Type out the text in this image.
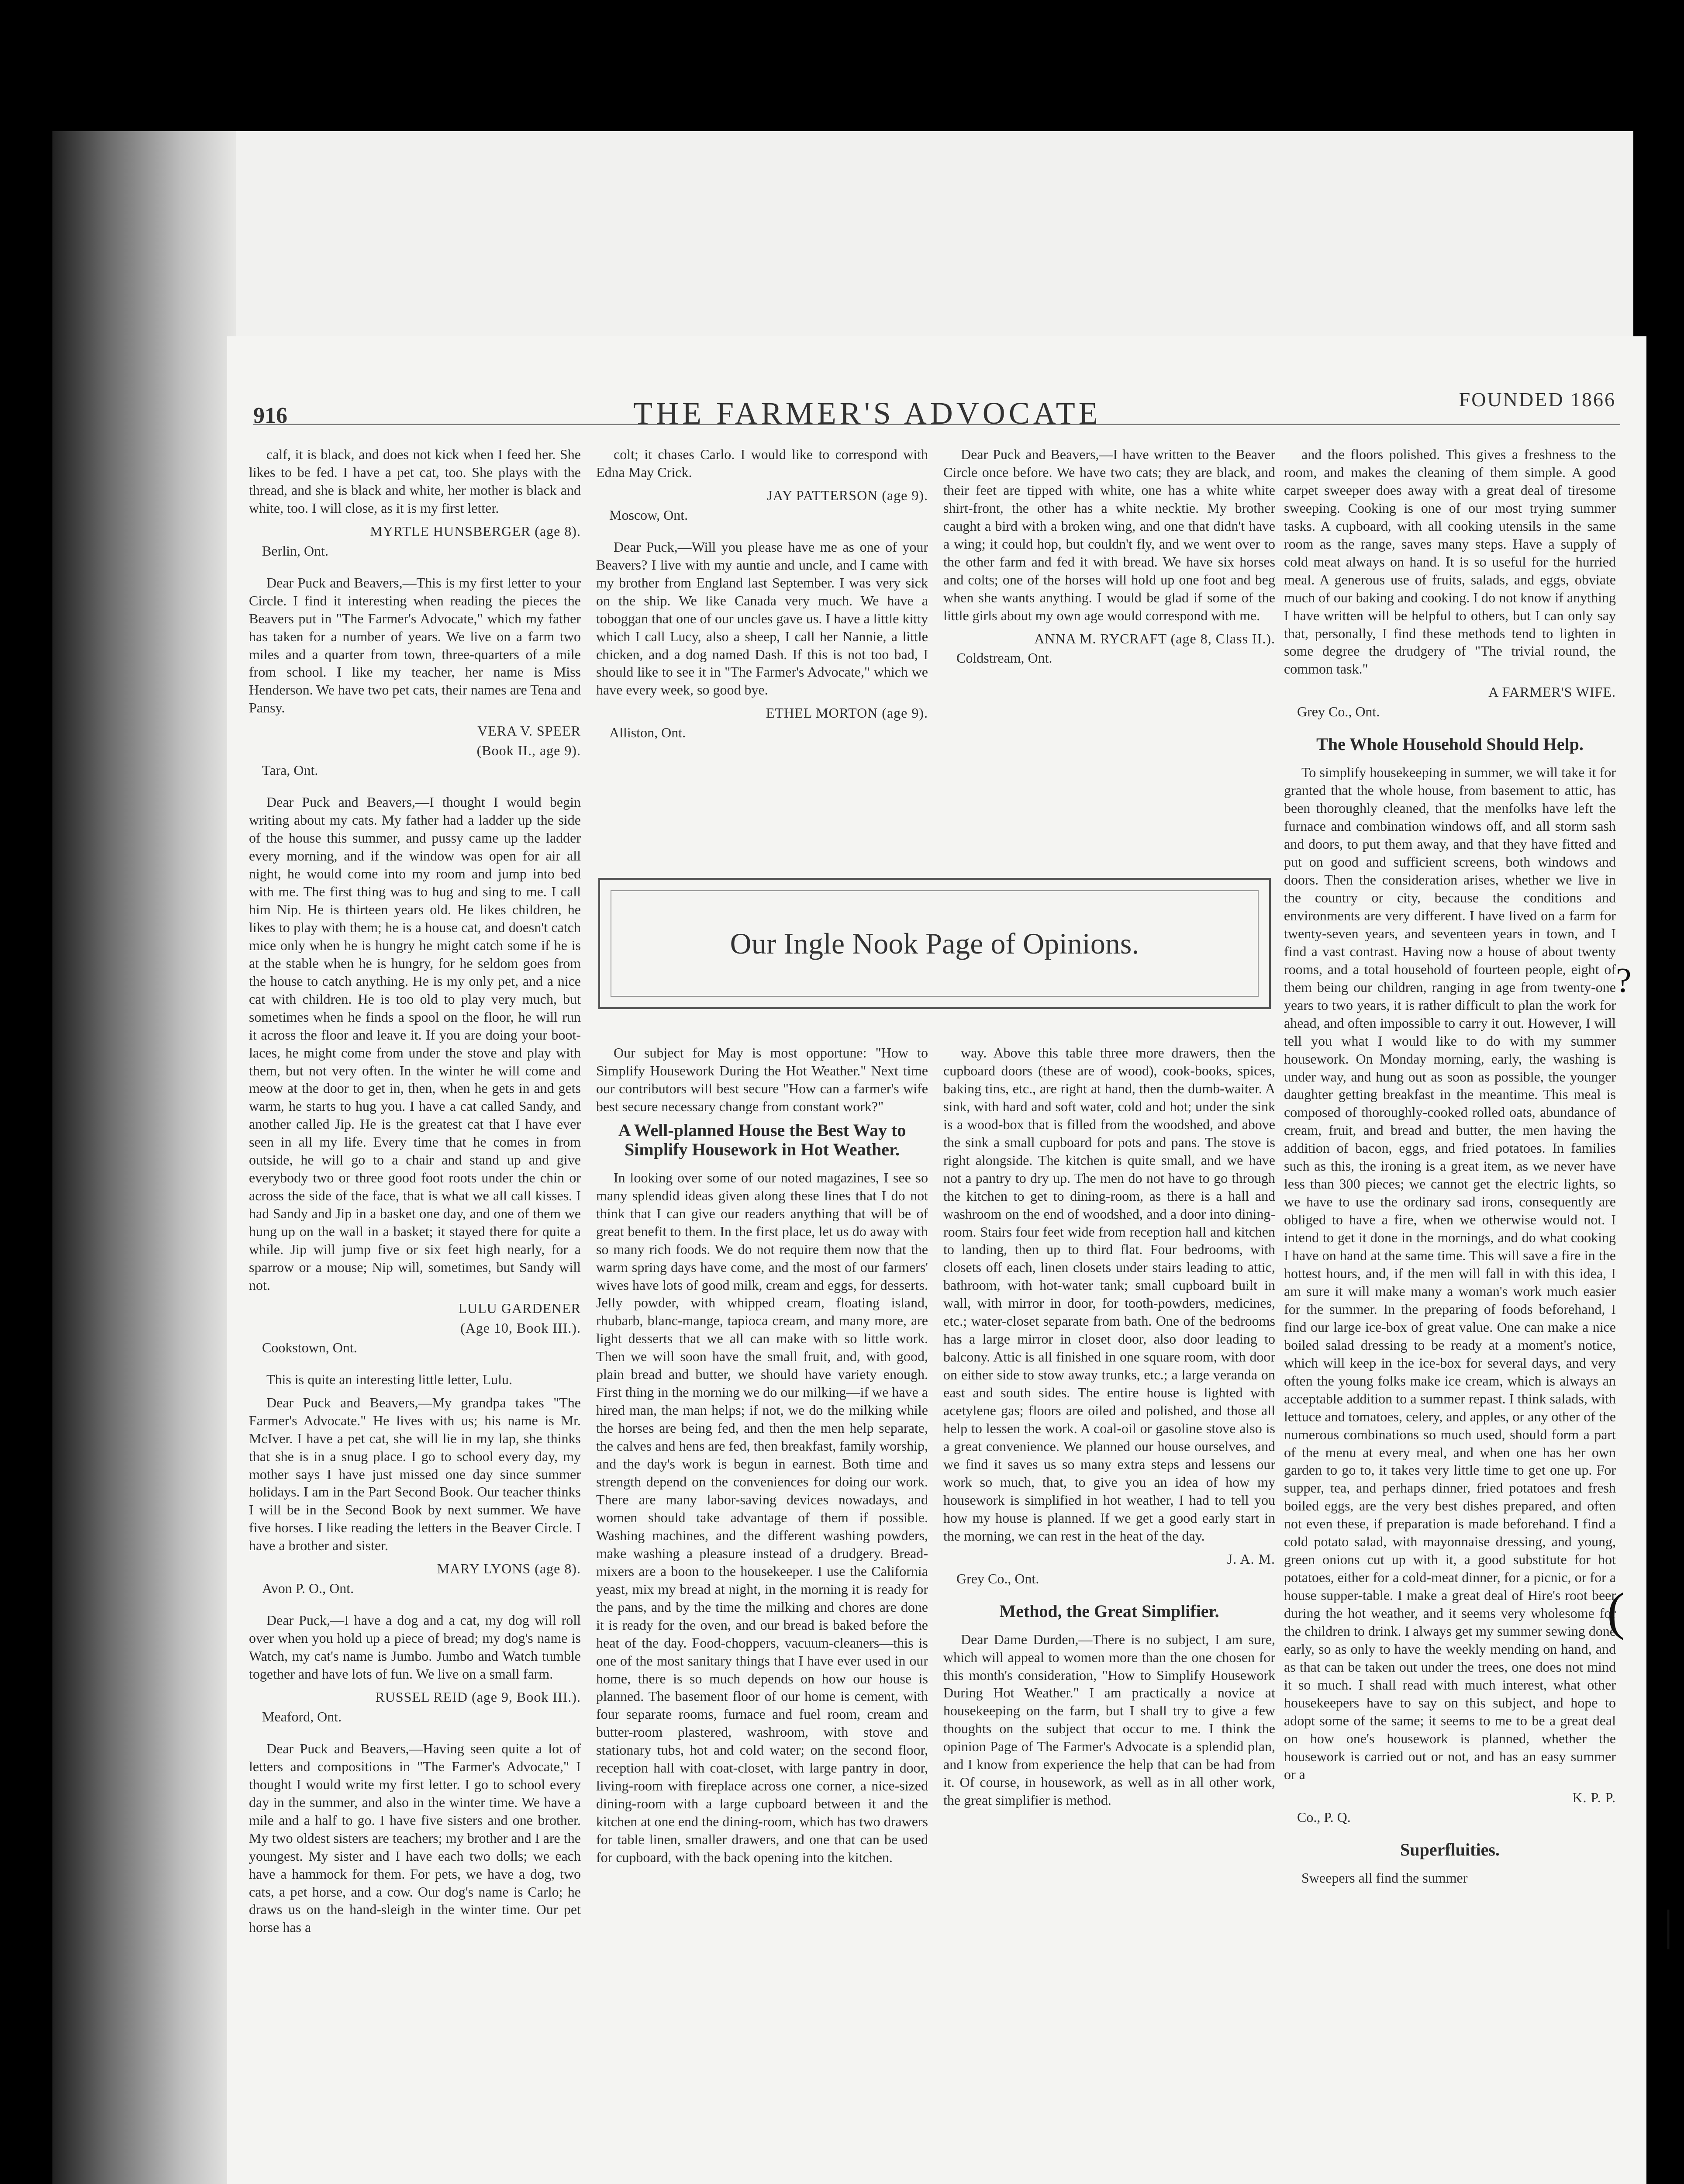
916	THE FARMER'S ADVOCATE	FOUNDED 1866

calf, it is black, and does not kick when I feed her. She likes to be fed. I have a pet cat, too. She plays with the thread, and she is black and white, her mother is black and white, too. I will close, as it is my first letter.

MYRTLE HUNSBERGER (age 8).

Berlin, Ont.

Dear Puck and Beavers,—This is my first letter to your Circle. I find it interesting when reading the pieces the Beavers put in "The Farmer's Advocate," which my father has taken for a number of years. We live on a farm two miles and a quarter from town, three-quarters of a mile from school. I like my teacher, her name is Miss Henderson. We have two pet cats, their names are Tena and Pansy.

VERA V. SPEER

(Book II., age 9).

Tara, Ont.

Dear Puck and Beavers,—I thought I would begin writing about my cats. My father had a ladder up the side of the house this summer, and pussy came up the ladder every morning, and if the window was open for air all night, he would come into my room and jump into bed with me. The first thing was to hug and sing to me. I call him Nip. He is thirteen years old. He likes children, he likes to play with them; he is a house cat, and doesn't catch mice only when he is hungry he might catch some if he is at the stable when he is hungry, for he seldom goes from the house to catch anything. He is my only pet, and a nice cat with children. He is too old to play very much, but sometimes when he finds a spool on the floor, he will run it across the floor and leave it. If you are doing your boot-laces, he might come from under the stove and play with them, but not very often. In the winter he will come and meow at the door to get in, then, when he gets in and gets warm, he starts to hug you. I have a cat called Sandy, and another called Jip. He is the greatest cat that I have ever seen in all my life. Every time that he comes in from outside, he will go to a chair and stand up and give everybody two or three good foot roots under the chin or across the side of the face, that is what we all call kisses. I had Sandy and Jip in a basket one day, and one of them we hung up on the wall in a basket; it stayed there for quite a while. Jip will jump five or six feet high nearly, for a sparrow or a mouse; Nip will, sometimes, but Sandy will not.

LULU GARDENER

(Age 10, Book III.).

Cookstown, Ont.

This is quite an interesting little letter, Lulu.

Dear Puck and Beavers,—My grandpa takes "The Farmer's Advocate." He lives with us; his name is Mr. McIver. I have a pet cat, she will lie in my lap, she thinks that she is in a snug place. I go to school every day, my mother says I have just missed one day since summer holidays. I am in the Part Second Book. Our teacher thinks I will be in the Second Book by next summer. We have five horses. I like reading the letters in the Beaver Circle. I have a brother and sister.

MARY LYONS (age 8).

Avon P. O., Ont.

Dear Puck,—I have a dog and a cat, my dog will roll over when you hold up a piece of bread; my dog's name is Watch, my cat's name is Jumbo. Jumbo and Watch tumble together and have lots of fun. We live on a small farm.

RUSSEL REID (age 9, Book III.).

Meaford, Ont.

Dear Puck and Beavers,—Having seen quite a lot of letters and compositions in "The Farmer's Advocate," I thought I would write my first letter. I go to school every day in the summer, and also in the winter time. We have a mile and a half to go. I have five sisters and one brother. My two oldest sisters are teachers; my brother and I are the youngest. My sister and I have each two dolls; we each have a hammock for them. For pets, we have a dog, two cats, a pet horse, and a cow. Our dog's name is Carlo; he draws us on the hand-sleigh in the winter time. Our pet horse has a

colt; it chases Carlo. I would like to correspond with Edna May Crick.

JAY PATTERSON (age 9).

Moscow, Ont.

Dear Puck,—Will you please have me as one of your Beavers? I live with my auntie and uncle, and I came with my brother from England last September. I was very sick on the ship. We like Canada very much. We have a toboggan that one of our uncles gave us. I have a little kitty which I call Lucy, also a sheep, I call her Nannie, a little chicken, and a dog named Dash. If this is not too bad, I should like to see it in "The Farmer's Advocate," which we have every week, so good bye.

ETHEL MORTON (age 9).

Alliston, Ont.

Dear Puck and Beavers,—I have written to the Beaver Circle once before. We have two cats; they are black, and their feet are tipped with white, one has a white white shirt-front, the other has a white necktie. My brother caught a bird with a broken wing, and one that didn't have a wing; it could hop, but couldn't fly, and we went over to the other farm and fed it with bread. We have six horses and colts; one of the horses will hold up one foot and beg when she wants anything. I would be glad if some of the little girls about my own age would correspond with me.

ANNA M. RYCRAFT (age 8, Class II.).

Coldstream, Ont.

Our Ingle Nook Page of Opinions.

Our subject for May is most opportune: "How to Simplify Housework During the Hot Weather." Next time our contributors will best secure "How can a farmer's wife best secure necessary change from constant work?"

A Well-planned House the Best Way to Simplify Housework in Hot Weather.

In looking over some of our noted magazines, I see so many splendid ideas given along these lines that I do not think that I can give our readers anything that will be of great benefit to them. In the first place, let us do away with so many rich foods. We do not require them now that the warm spring days have come, and the most of our farmers' wives have lots of good milk, cream and eggs, for desserts. Jelly powder, with whipped cream, floating island, rhubarb, blanc-mange, tapioca cream, and many more, are light desserts that we all can make with so little work. Then we will soon have the small fruit, and, with good, plain bread and butter, we should have variety enough. First thing in the morning we do our milking—if we have a hired man, the man helps; if not, we do the milking while the horses are being fed, and then the men help separate, the calves and hens are fed, then breakfast, family worship, and the day's work is begun in earnest. Both time and strength depend on the conveniences for doing our work. There are many labor-saving devices nowadays, and women should take advantage of them if possible. Washing machines, and the different washing powders, make washing a pleasure instead of a drudgery. Bread-mixers are a boon to the housekeeper. I use the California yeast, mix my bread at night, in the morning it is ready for the pans, and by the time the milking and chores are done it is ready for the oven, and our bread is baked before the heat of the day. Food-choppers, vacuum-cleaners—this is one of the most sanitary things that I have ever used in our home, there is so much depends on how our house is planned. The basement floor of our home is cement, with four separate rooms, furnace and fuel room, cream and butter-room plastered, washroom, with stove and stationary tubs, hot and cold water; on the second floor, reception hall with coat-closet, with large pantry in door, living-room with fireplace across one corner, a nice-sized dining-room with a large cupboard between it and the kitchen at one end the dining-room, which has two drawers for table linen, smaller drawers, and one that can be used for cupboard, with the back opening into the kitchen.

way. Above this table three more drawers, then the cupboard doors (these are of wood), cook-books, spices, baking tins, etc., are right at hand, then the dumb-waiter. A sink, with hard and soft water, cold and hot; under the sink is a wood-box that is filled from the woodshed, and above the sink a small cupboard for pots and pans. The stove is right alongside. The kitchen is quite small, and we have not a pantry to dry up. The men do not have to go through the kitchen to get to dining-room, as there is a hall and washroom on the end of woodshed, and a door into dining-room. Stairs four feet wide from reception hall and kitchen to landing, then up to third flat. Four bedrooms, with closets off each, linen closets under stairs leading to attic, bathroom, with hot-water tank; small cupboard built in wall, with mirror in door, for tooth-powders, medicines, etc.; water-closet separate from bath. One of the bedrooms has a large mirror in closet door, also door leading to balcony. Attic is all finished in one square room, with door on either side to stow away trunks, etc.; a large veranda on east and south sides. The entire house is lighted with acetylene gas; floors are oiled and polished, and those all help to lessen the work. A coal-oil or gasoline stove also is a great convenience. We planned our house ourselves, and we find it saves us so many extra steps and lessens our work so much, that, to give you an idea of how my housework is simplified in hot weather, I had to tell you how my house is planned. If we get a good early start in the morning, we can rest in the heat of the day.

J. A. M.

Grey Co., Ont.

Method, the Great Simplifier.

Dear Dame Durden,—There is no subject, I am sure, which will appeal to women more than the one chosen for this month's consideration, "How to Simplify Housework During Hot Weather." I am practically a novice at housekeeping on the farm, but I shall try to give a few thoughts on the subject that occur to me. I think the opinion Page of The Farmer's Advocate is a splendid plan, and I know from experience the help that can be had from it. Of course, in housework, as well as in all other work, the great simplifier is method.

and the floors polished. This gives a freshness to the room, and makes the cleaning of them simple. A good carpet sweeper does away with a great deal of tiresome sweeping. Cooking is one of our most trying summer tasks. A cupboard, with all cooking utensils in the same room as the range, saves many steps. Have a supply of cold meat always on hand. It is so useful for the hurried meal. A generous use of fruits, salads, and eggs, obviate much of our baking and cooking. I do not know if anything I have written will be helpful to others, but I can only say that, personally, I find these methods tend to lighten in some degree the drudgery of "The trivial round, the common task."

A FARMER'S WIFE.

Grey Co., Ont.

The Whole Household Should Help.

To simplify housekeeping in summer, we will take it for granted that the whole house, from basement to attic, has been thoroughly cleaned, that the menfolks have left the furnace and combination windows off, and all storm sash and doors, to put them away, and that they have fitted and put on good and sufficient screens, both windows and doors. Then the consideration arises, whether we live in the country or city, because the conditions and environments are very different. I have lived on a farm for twenty-seven years, and seventeen years in town, and I find a vast contrast. Having now a house of about twenty rooms, and a total household of fourteen people, eight of them being our children, ranging in age from twenty-one years to two years, it is rather difficult to plan the work for ahead, and often impossible to carry it out. However, I will tell you what I would like to do with my summer housework. On Monday morning, early, the washing is under way, and hung out as soon as possible, the younger daughter getting breakfast in the meantime. This meal is composed of thoroughly-cooked rolled oats, abundance of cream, fruit, and bread and butter, the men having the addition of bacon, eggs, and fried potatoes. In families such as this, the ironing is a great item, as we never have less than 300 pieces; we cannot get the electric lights, so we have to use the ordinary sad irons, consequently are obliged to have a fire, when we otherwise would not. I intend to get it done in the mornings, and do what cooking I have on hand at the same time. This will save a fire in the hottest hours, and, if the men will fall in with this idea, I am sure it will make many a woman's work much easier for the summer. In the preparing of foods beforehand, I find our large ice-box of great value. One can make a nice boiled salad dressing to be ready at a moment's notice, which will keep in the ice-box for several days, and very often the young folks make ice cream, which is always an acceptable addition to a summer repast. I think salads, with lettuce and tomatoes, celery, and apples, or any other of the numerous combinations so much used, should form a part of the menu at every meal, and when one has her own garden to go to, it takes very little time to get one up. For supper, tea, and perhaps dinner, fried potatoes and fresh boiled eggs, are the very best dishes prepared, and often not even these, if preparation is made beforehand. I find a cold potato salad, with mayonnaise dressing, and young, green onions cut up with it, a good substitute for hot potatoes, either for a cold-meat dinner, for a picnic, or for a house supper-table. I make a great deal of Hire's root beer during the hot weather, and it seems very wholesome for the children to drink. I always get my summer sewing done early, so as only to have the weekly mending on hand, and as that can be taken out under the trees, one does not mind it so much. I shall read with much interest, what other housekeepers have to say on this subject, and hope to adopt some of the same; it seems to me to be a great deal on how one's housework is planned, whether the housework is carried out or not, and has an easy summer or a

K. P. P.

Co., P. Q.

Superfluities.

Sweepers all find the summer

?
(
|
